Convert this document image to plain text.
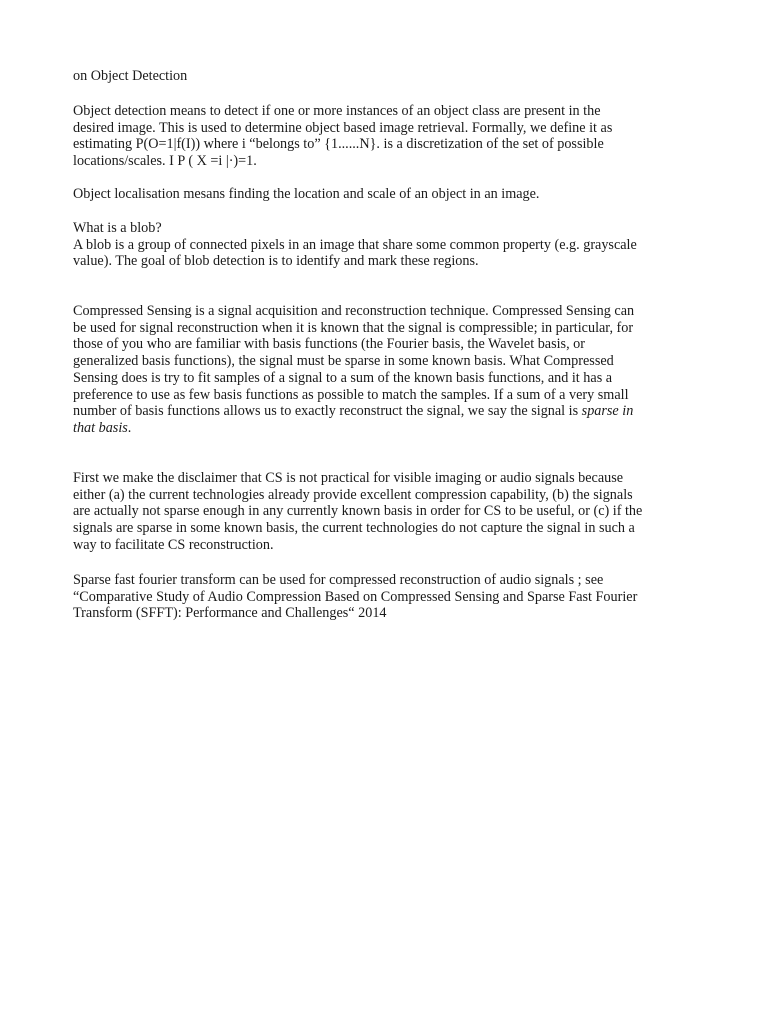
on Object Detection

Object detection means to detect if one or more instances of an object class are present in the
desired image. This is used to determine object based image retrieval. Formally, we define it as
estimating P(O=1|f(I)) where i “belongs to” {1......N}. is a discretization of the set of possible
locations/scales. I P ( X =i |·)=1.

Object localisation mesans finding the location and scale of an object in an image.

What is a blob?
A blob is a group of connected pixels in an image that share some common property (e.g. grayscale
value). The goal of blob detection is to identify and mark these regions.

Compressed Sensing is a signal acquisition and reconstruction technique. Compressed Sensing can
be used for signal reconstruction when it is known that the signal is compressible; in particular, for
those of you who are familiar with basis functions (the Fourier basis, the Wavelet basis, or
generalized basis functions), the signal must be sparse in some known basis. What Compressed
Sensing does is try to fit samples of a signal to a sum of the known basis functions, and it has a
preference to use as few basis functions as possible to match the samples. If a sum of a very small
number of basis functions allows us to exactly reconstruct the signal, we say the signal is sparse in
that basis.

First we make the disclaimer that CS is not practical for visible imaging or audio signals because
either (a) the current technologies already provide excellent compression capability, (b) the signals
are actually not sparse enough in any currently known basis in order for CS to be useful, or (c) if the
signals are sparse in some known basis, the current technologies do not capture the signal in such a
way to facilitate CS reconstruction.

Sparse fast fourier transform can be used for compressed reconstruction of audio signals ; see
“Comparative Study of Audio Compression Based on Compressed Sensing and Sparse Fast Fourier
Transform (SFFT): Performance and Challenges“ 2014
